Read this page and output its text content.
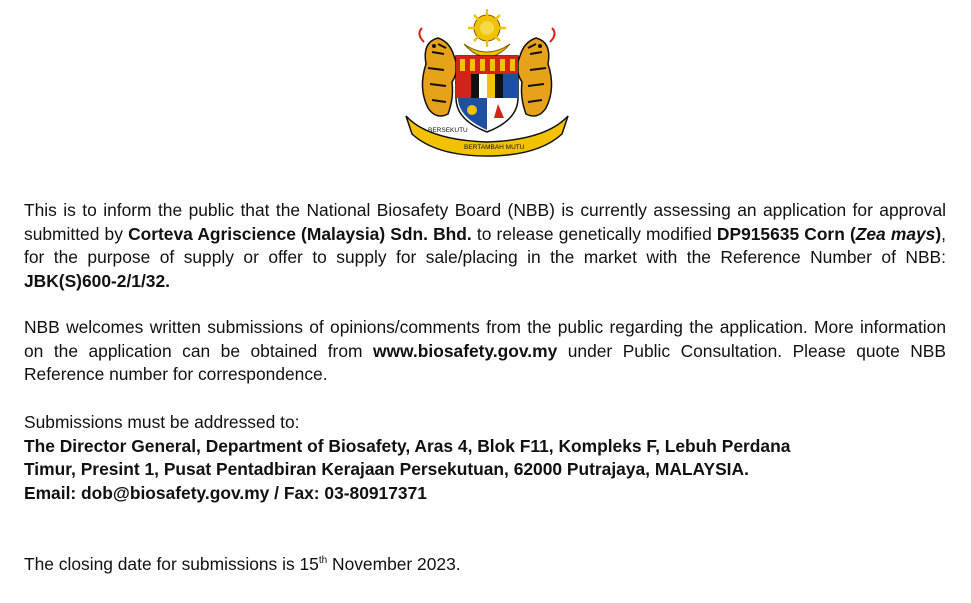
BERSEKUTU
BERTAMBAH MUTU

This is to inform the public that the National Biosafety Board (NBB) is currently assessing an application for approval submitted by Corteva Agriscience (Malaysia) Sdn. Bhd. to release genetically modified DP915635 Corn (Zea mays), for the purpose of supply or offer to supply for sale/placing in the market with the Reference Number of NBB: JBK(S)600-2/1/32.

NBB welcomes written submissions of opinions/comments from the public regarding the application. More information on the application can be obtained from www.biosafety.gov.my under Public Consultation. Please quote NBB Reference number for correspondence.

Submissions must be addressed to:
The Director General, Department of Biosafety, Aras 4, Blok F11, Kompleks F, Lebuh Perdana
Timur, Presint 1, Pusat Pentadbiran Kerajaan Persekutuan, 62000 Putrajaya, MALAYSIA.
Email: dob@biosafety.gov.my / Fax: 03-80917371

The closing date for submissions is 15th November 2023.
